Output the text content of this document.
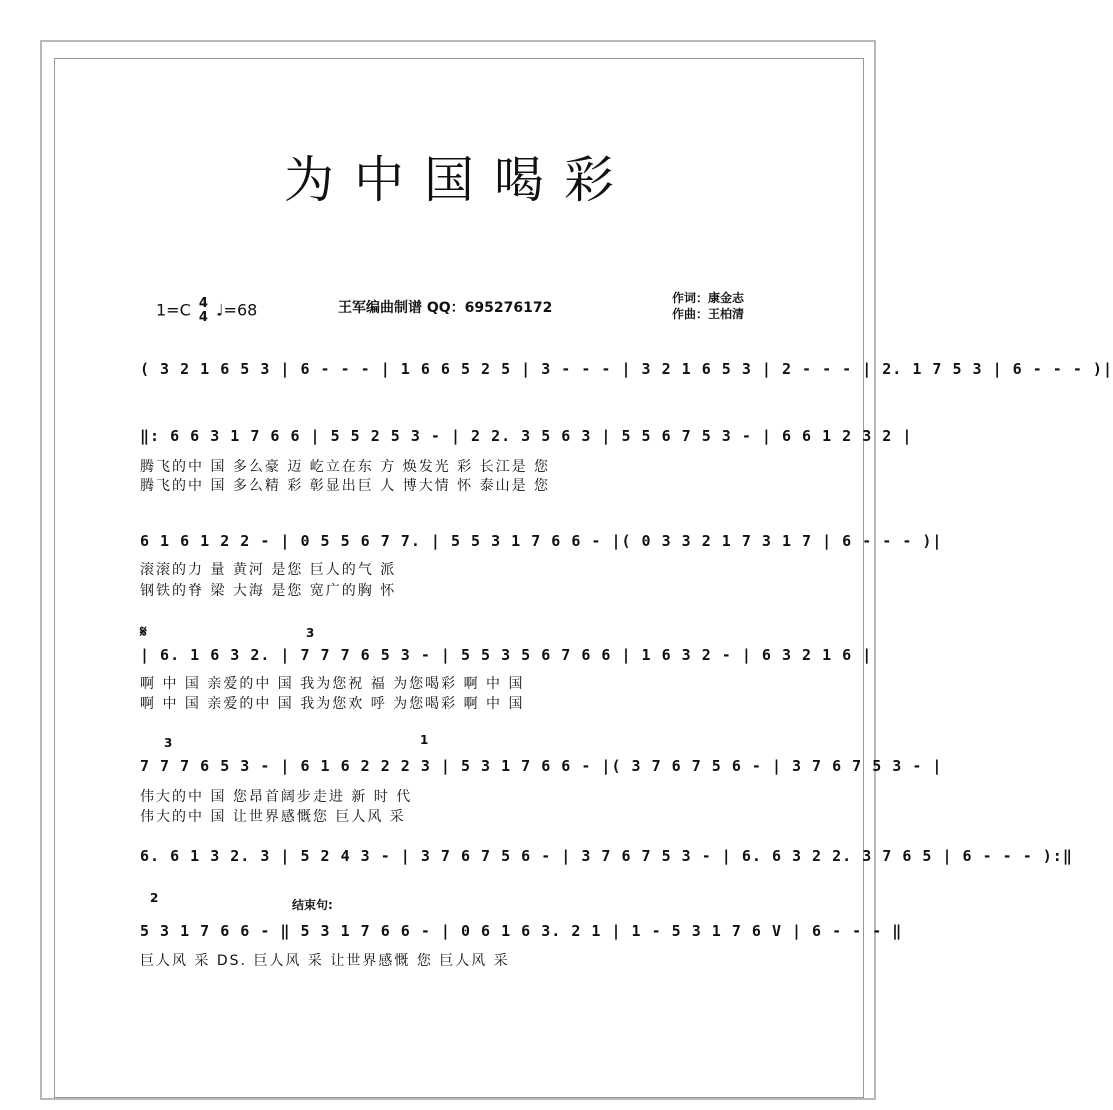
为中国喝彩
1=C 4
4 ♩=68	王军编曲制谱 QQ：695276172
作词：康金志
作曲：王柏清
( 3 2 1 6 5 3 | 6 - - - | 1 6 6 5 2 5 | 3 - - - | 3 2 1 6 5 3 | 2 - - - | 2. 1 7 5 3 | 6 - - - )|
‖: 6 6 3 1 7 6 6 | 5 5 2 5 3 - | 2 2. 3 5 6 3 | 5 5 6 7 5 3 - | 6 6 1 2 3 2 |
腾飞的中 国 多么豪 迈 屹立在东 方 焕发光 彩 长江是 您
腾飞的中 国 多么精 彩 彰显出巨 人 博大情 怀 泰山是 您
6 1 6 1 2 2 - | 0 5 5 6 7 7. | 5 5 3 1 7 6 6 - |( 0 3 3 2 1 7 3 1 7 | 6 - - - )|
滚滚的力 量 黄河 是您 巨人的气 派
钢铁的脊 梁 大海 是您 宽广的胸 怀
𝄋	3
| 6. 1 6 3 2. | 7 7 7 6 5 3 - | 5 5 3 5 6 7 6 6 | 1 6 3 2 - | 6 3 2 1 6 |
啊 中 国 亲爱的中 国 我为您祝 福 为您喝彩 啊 中 国
啊 中 国 亲爱的中 国 我为您欢 呼 为您喝彩 啊 中 国
3	1
7 7 7 6 5 3 - | 6 1 6 2 2 2 3 | 5 3 1 7 6 6 - |( 3 7 6 7 5 6 - | 3 7 6 7 5 3 - |
伟大的中 国 您昂首阔步走进 新 时 代
伟大的中 国 让世界感慨您 巨人风 采
6. 6 1 3 2. 3 | 5 2 4 3 - | 3 7 6 7 5 6 - | 3 7 6 7 5 3 - | 6. 6 3 2 2. 3 7 6 5 | 6 - - - ):‖
2	结束句:
5 3 1 7 6 6 - ‖ 5 3 1 7 6 6 - | 0 6 1 6 3. 2 1 | 1 - 5 3 1 7 6 V | 6 - - - ‖
巨人风 采 DS. 巨人风 采 让世界感慨 您 巨人风 采
